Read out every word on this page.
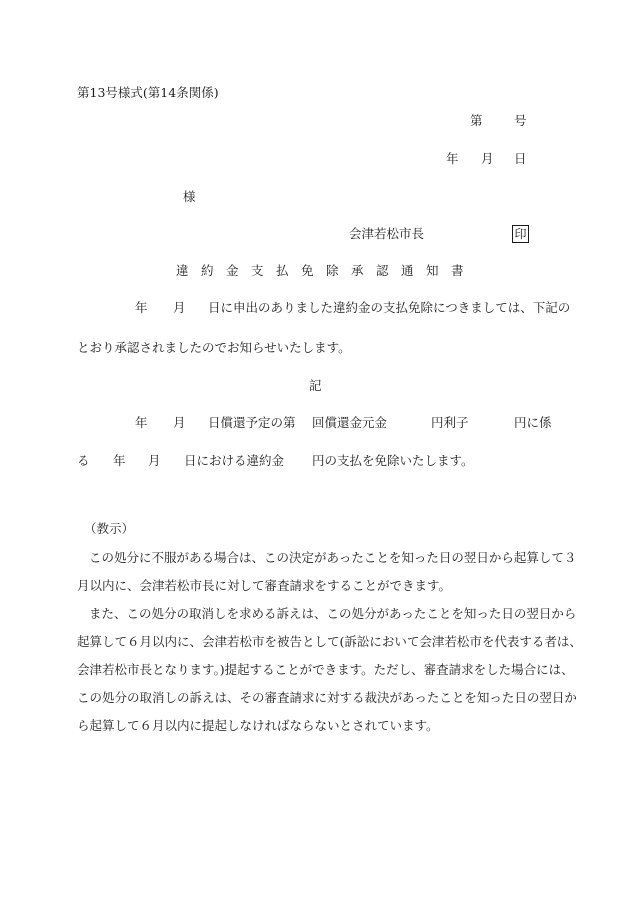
第13号様式(第14条関係)
第	号
年 月 日
様
会津若松市長	印
違　約　金　支　払　免　除　承　認　通　知　書
年 月 日に申出のありました違約金の支払免除につきましては、下記の
とおり承認されましたのでお知らせいたします。
記
年 月 日償還予定の第 回償還金元金	円利子	円に係
る 年 月 日における違約金 円の支払を免除いたします。
（教示）
この処分に不服がある場合は、この決定があったことを知った日の翌日から起算して３
月以内に、会津若松市長に対して審査請求をすることができます。
また、この処分の取消しを求める訴えは、この処分があったことを知った日の翌日から
起算して６月以内に、会津若松市を被告として(訴訟において会津若松市を代表する者は、
会津若松市長となります。)提起することができます。ただし、審査請求をした場合には、
この処分の取消しの訴えは、その審査請求に対する裁決があったことを知った日の翌日か
ら起算して６月以内に提起しなければならないとされています。
